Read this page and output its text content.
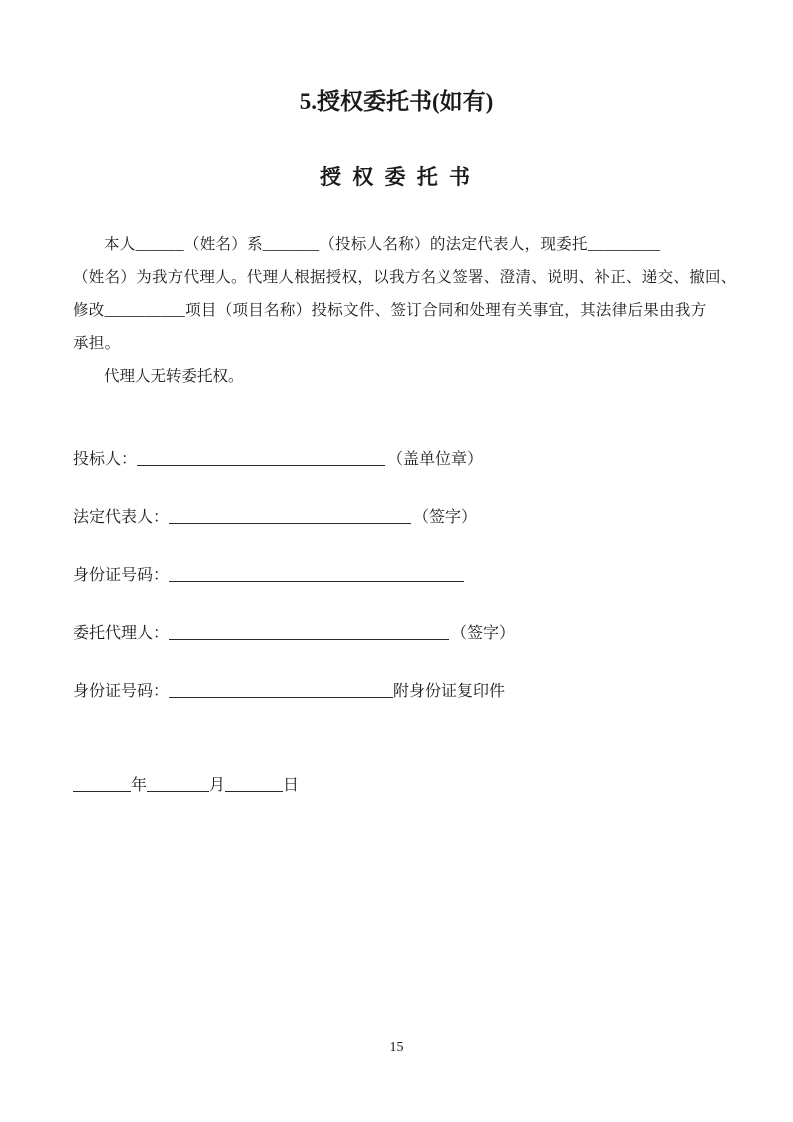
5.授权委托书(如有)
授 权 委 托 书
本人______（姓名）系_______（投标人名称）的法定代表人，现委托_________
（姓名）为我方代理人。代理人根据授权，以我方名义签署、澄清、说明、补正、递交、撤回、
修改__________项目（项目名称）投标文件、签订合同和处理有关事宜，其法律后果由我方
承担。
代理人无转委托权。
投标人：	（盖单位章）
法定代表人：	（签字）
身份证号码：
委托代理人：	（签字）
身份证号码：	附身份证复印件
年	月	日
15
